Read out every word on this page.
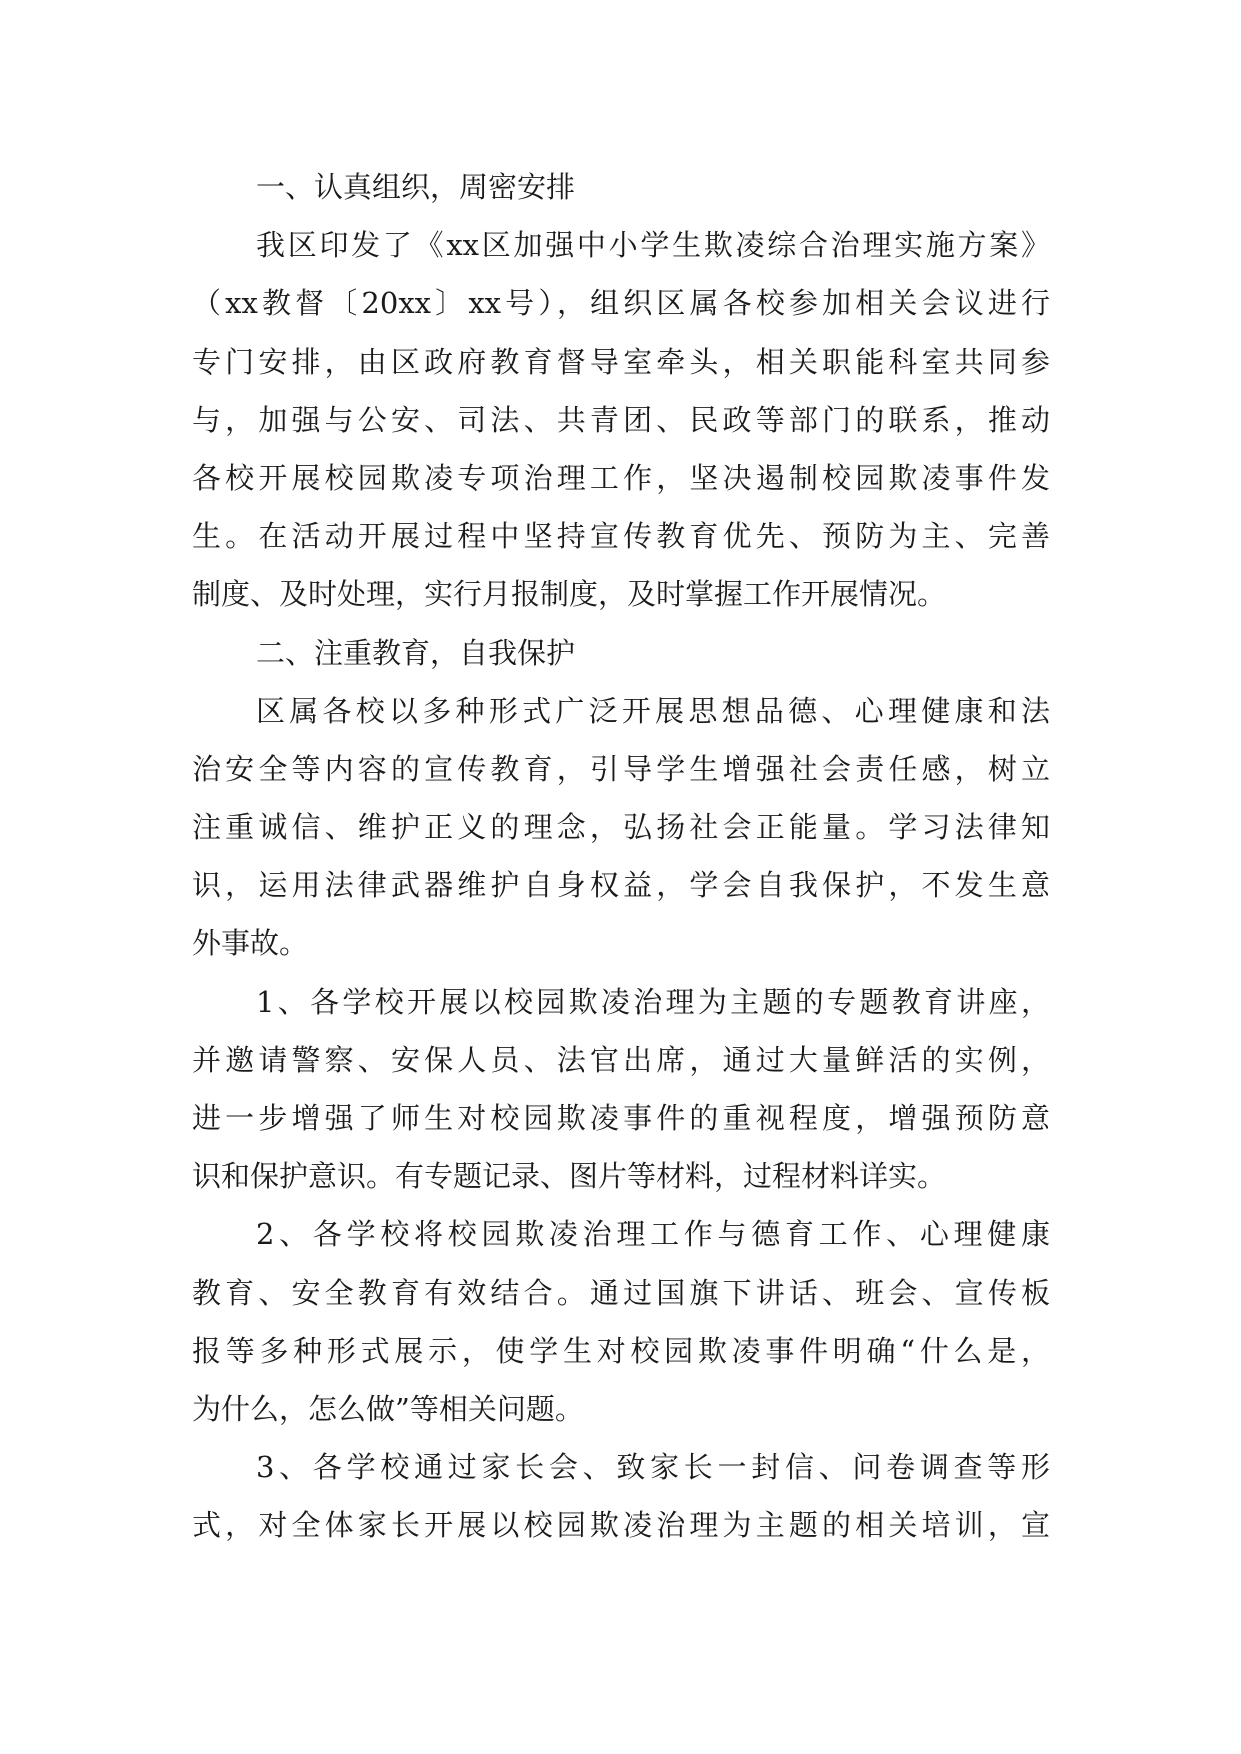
一、认真组织，周密安排
我区印发了《xx区加强中小学生欺凌综合治理实施方案》
（xx教督〔20xx〕xx号），组织区属各校参加相关会议进行
专门安排，由区政府教育督导室牵头，相关职能科室共同参
与，加强与公安、司法、共青团、民政等部门的联系，推动
各校开展校园欺凌专项治理工作，坚决遏制校园欺凌事件发
生。在活动开展过程中坚持宣传教育优先、预防为主、完善
制度、及时处理，实行月报制度，及时掌握工作开展情况。
二、注重教育，自我保护
区属各校以多种形式广泛开展思想品德、心理健康和法
治安全等内容的宣传教育，引导学生增强社会责任感，树立
注重诚信、维护正义的理念，弘扬社会正能量。学习法律知
识，运用法律武器维护自身权益，学会自我保护，不发生意
外事故。
1、各学校开展以校园欺凌治理为主题的专题教育讲座，
并邀请警察、安保人员、法官出席，通过大量鲜活的实例，
进一步增强了师生对校园欺凌事件的重视程度，增强预防意
识和保护意识。有专题记录、图片等材料，过程材料详实。
2、各学校将校园欺凌治理工作与德育工作、心理健康
教育、安全教育有效结合。通过国旗下讲话、班会、宣传板
报等多种形式展示，使学生对校园欺凌事件明确“什么是，
为什么，怎么做”等相关问题。
3、各学校通过家长会、致家长一封信、问卷调查等形
式，对全体家长开展以校园欺凌治理为主题的相关培训，宣
